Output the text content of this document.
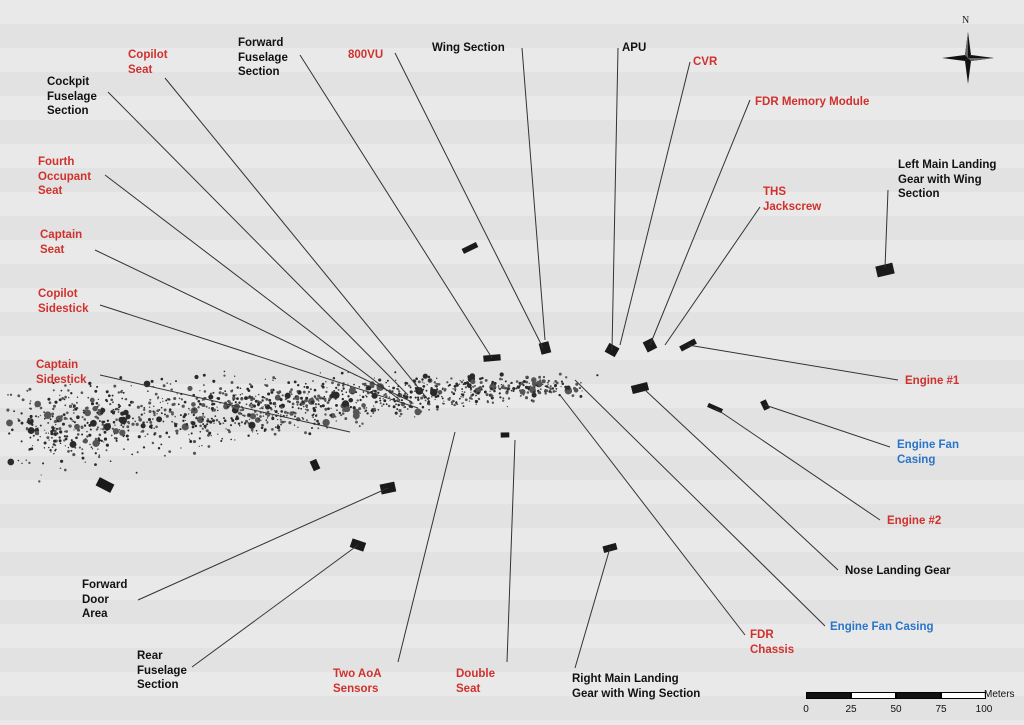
N
Copilot
Seat
Forward
Fuselage
Section
800VU
Wing Section	APU
CVR
FDR Memory Module
Cockpit
Fuselage
Section
Fourth
Occupant
Seat	THS
Jackscrew
Left Main Landing
Gear with Wing
Section
Captain
Seat
Copilot
Sidestick
Captain
Sidestick	Engine #1
Engine Fan
Casing
Engine #2
Nose Landing Gear
Engine Fan Casing
FDR
Chassis
Forward
Door
Area
Rear
Fuselage
Section
Two AoA
Sensors
Double
Seat
Right Main Landing
Gear with Wing Section	Meters
0	25	50	75	100
